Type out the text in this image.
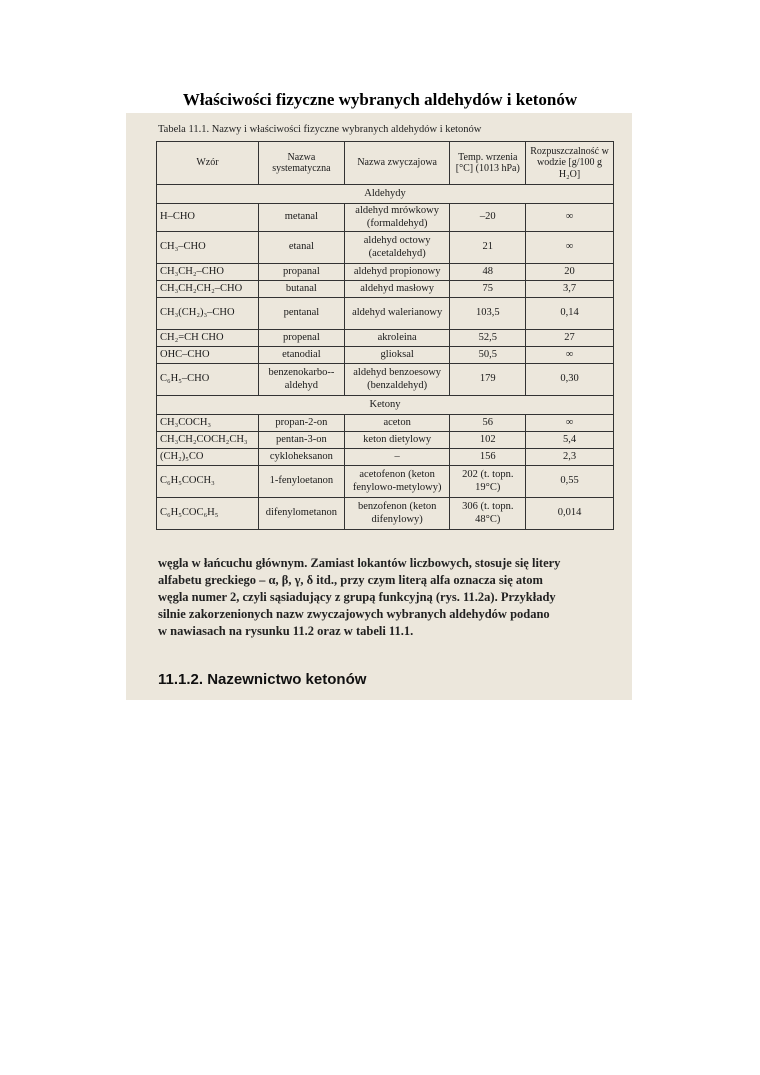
Właściwości fizyczne wybranych aldehydów i ketonów
Tabela 11.1. Nazwy i właściwości fizyczne wybranych aldehydów i ketonów
Wzór	Nazwa systematyczna	Nazwa zwyczajowa	Temp. wrzenia [°C] (1013 hPa)	Rozpuszczalność w wodzie [g/100 g H₂O]
Aldehydy				
H–CHO	metanal	aldehyd mrówkowy (formaldehyd)	–20	∞
CH₃–CHO	etanal	aldehyd octowy (acetaldehyd)	21	∞
CH₃CH₂–CHO	propanal	aldehyd propionowy	48	20
CH₃CH₂CH₂–CHO	butanal	aldehyd masłowy	75	3,7
CH₃(CH₂)₃–CHO	pentanal	aldehyd walerianowy	103,5	0,14
CH₂=CH CHO	propenal	akroleina	52,5	27
OHC–CHO	etanodial	glioksal	50,5	∞
C₆H₅–CHO	benzenokarbo--aldehyd	aldehyd benzoesowy (benzaldehyd)	179	0,30
Ketony				
CH₃COCH₃	propan-2-on	aceton	56	∞
CH₃CH₂COCH₂CH₃	pentan-3-on	keton dietylowy	102	5,4
(CH₂)₅CO	cykloheksanon	–	156	2,3
C₆H₅COCH₃	1-fenyloetanon	acetofenon (keton fenylowo-metylowy)	202 (t. topn. 19°C)	0,55
C₆H₅COC₆H₅	difenylometanon	benzofenon (keton difenylowy)	306 (t. topn. 48°C)	0,014
węgla w łańcuchu głównym. Zamiast lokantów liczbowych, stosuje się litery
alfabetu greckiego – α, β, γ, δ itd., przy czym literą alfa oznacza się atom
węgla numer 2, czyli sąsiadujący z grupą funkcyjną (rys. 11.2a). Przykłady
silnie zakorzenionych nazw zwyczajowych wybranych aldehydów podano
w nawiasach na rysunku 11.2 oraz w tabeli 11.1.
11.1.2. Nazewnictwo ketonów
